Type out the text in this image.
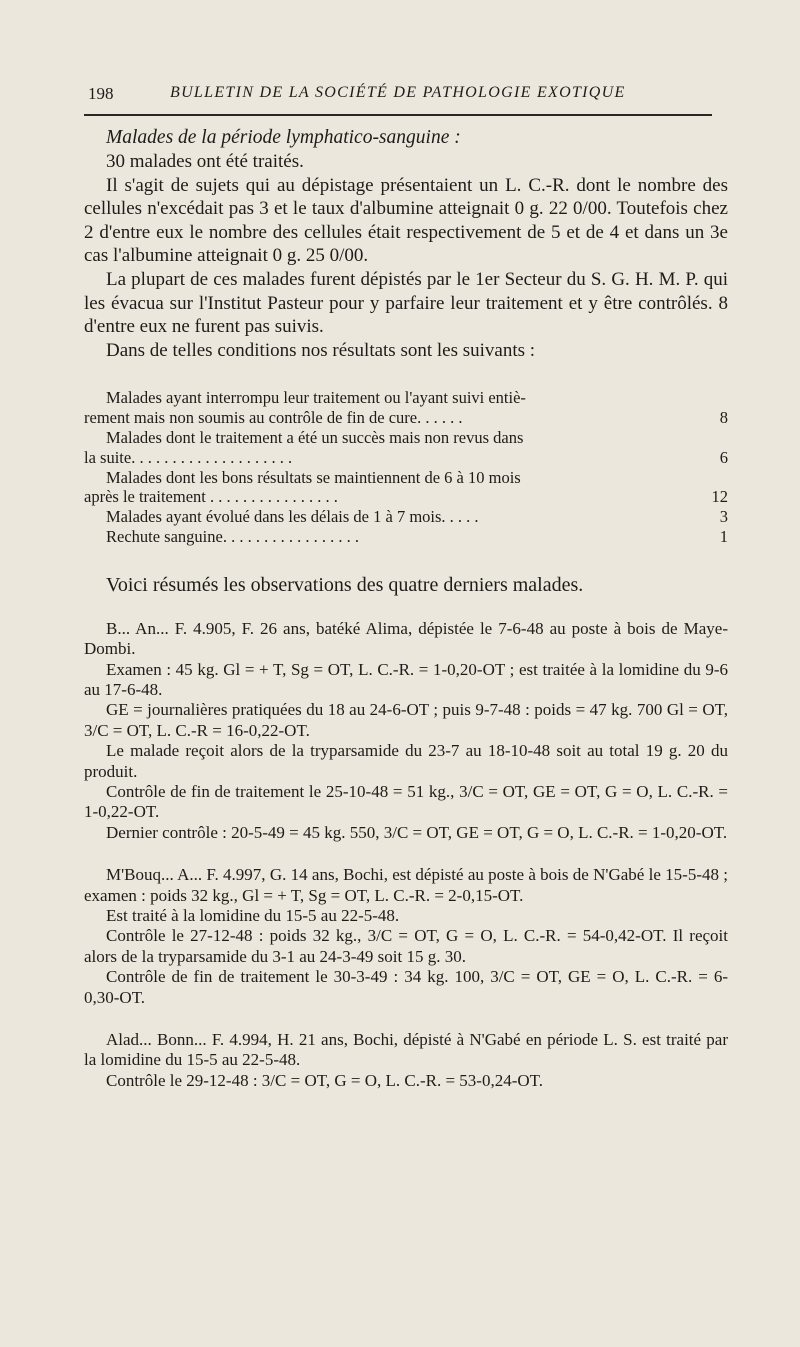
198	BULLETIN DE LA SOCIÉTÉ DE PATHOLOGIE EXOTIQUE

Malades de la période lymphatico-sanguine :

30 malades ont été traités.

Il s'agit de sujets qui au dépistage présentaient un L. C.-R. dont le nombre des cellules n'excédait pas 3 et le taux d'albumine atteignait 0 g. 22 0/00. Toutefois chez 2 d'entre eux le nombre des cellules était respectivement de 5 et de 4 et dans un 3e cas l'albumine atteignait 0 g. 25 0/00.

La plupart de ces malades furent dépistés par le 1er Secteur du S. G. H. M. P. qui les évacua sur l'Institut Pasteur pour y parfaire leur traitement et y être contrôlés. 8 d'entre eux ne furent pas suivis.

Dans de telles conditions nos résultats sont les suivants :

Malades ayant interrompu leur traitement ou l'ayant suivi entiè-
rement mais non soumis au contrôle de fin de cure. . . . . .	8
Malades dont le traitement a été un succès mais non revus dans
la suite. . . . . . . . . . . . . . . . . . . .	6
Malades dont les bons résultats se maintiennent de 6 à 10 mois
après le traitement . . . . . . . . . . . . . . . .	12
Malades ayant évolué dans les délais de 1 à 7 mois. . . . .	3
Rechute sanguine. . . . . . . . . . . . . . . . .	1

Voici résumés les observations des quatre derniers malades.

B... An... F. 4.905, F. 26 ans, batéké Alima, dépistée le 7-6-48 au poste à bois de Maye-Dombi.

Examen : 45 kg. Gl = + T, Sg = OT, L. C.-R. = 1-0,20-OT ; est traitée à la lomidine du 9-6 au 17-6-48.

GE = journalières pratiquées du 18 au 24-6-OT ; puis 9-7-48 : poids = 47 kg. 700 Gl = OT, 3/C = OT, L. C.-R = 16-0,22-OT.

Le malade reçoit alors de la tryparsamide du 23-7 au 18-10-48 soit au total 19 g. 20 du produit.

Contrôle de fin de traitement le 25-10-48 = 51 kg., 3/C = OT, GE = OT, G = O, L. C.-R. = 1-0,22-OT.

Dernier contrôle : 20-5-49 = 45 kg. 550, 3/C = OT, GE = OT, G = O, L. C.-R. = 1-0,20-OT.

M'Bouq... A... F. 4.997, G. 14 ans, Bochi, est dépisté au poste à bois de N'Gabé le 15-5-48 ; examen : poids 32 kg., Gl = + T, Sg = OT, L. C.-R. = 2-0,15-OT.

Est traité à la lomidine du 15-5 au 22-5-48.

Contrôle le 27-12-48 : poids 32 kg., 3/C = OT, G = O, L. C.-R. = 54-0,42-OT. Il reçoit alors de la tryparsamide du 3-1 au 24-3-49 soit 15 g. 30.

Contrôle de fin de traitement le 30-3-49 : 34 kg. 100, 3/C = OT, GE = O, L. C.-R. = 6-0,30-OT.

Alad... Bonn... F. 4.994, H. 21 ans, Bochi, dépisté à N'Gabé en période L. S. est traité par la lomidine du 15-5 au 22-5-48.

Contrôle le 29-12-48 : 3/C = OT, G = O, L. C.-R. = 53-0,24-OT.
